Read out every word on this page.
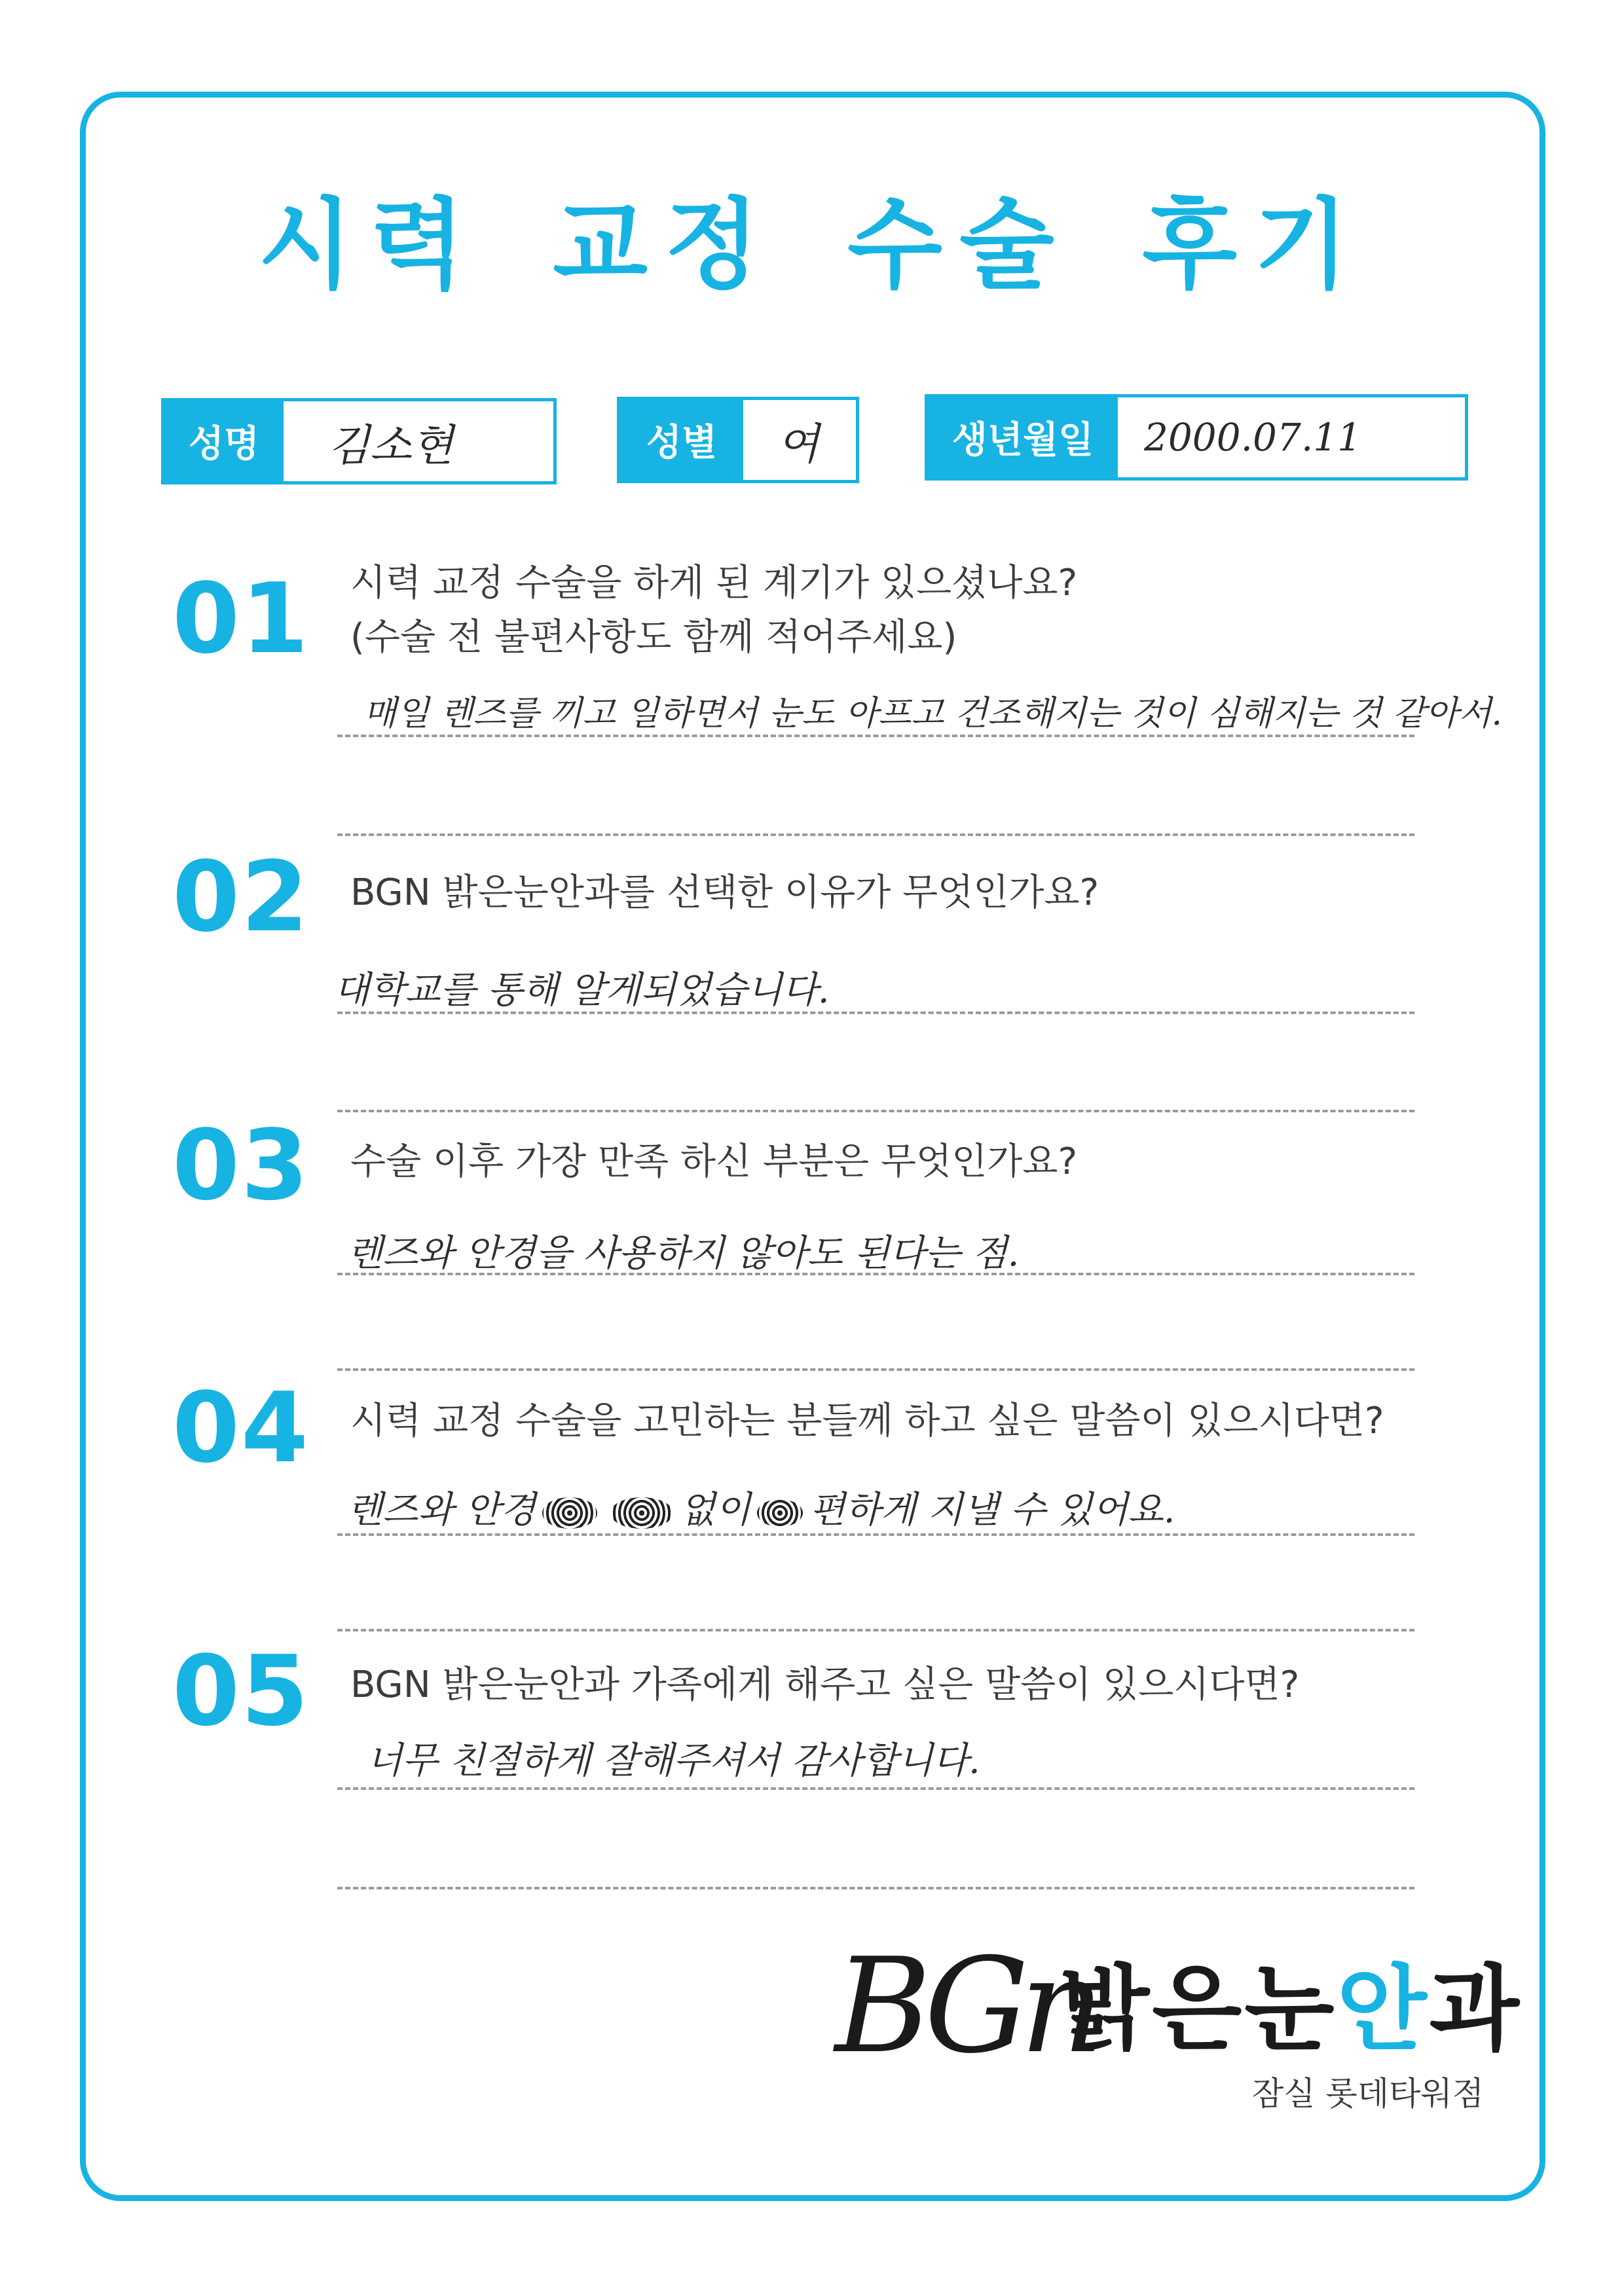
시력 교정 수술 후기
성명	김소현	성별	여	생년월일	2000.07.11
01 시력 교정 수술을 하게 된 계기가 있으셨나요?
(수술 전 불편사항도 함께 적어주세요)
매일 렌즈를 끼고 일하면서 눈도 아프고 건조해지는 것이 심해지는 것 같아서.
02 BGN 밝은눈안과를 선택한 이유가 무엇인가요?
대학교를 통해 알게되었습니다.
03 수술 이후 가장 만족 하신 부분은 무엇인가요?
렌즈와 안경을 사용하지 않아도 된다는 점.
04 시력 교정 수술을 고민하는 분들께 하고 싶은 말씀이 있으시다면?
렌즈와 안경	없이 편하게 지낼 수 있어요.
05 BGN 밝은눈안과 가족에게 해주고 싶은 말씀이 있으시다면?
너무 친절하게 잘해주셔서 감사합니다.
BGn
밝은눈안과
잠실 롯데타워점
